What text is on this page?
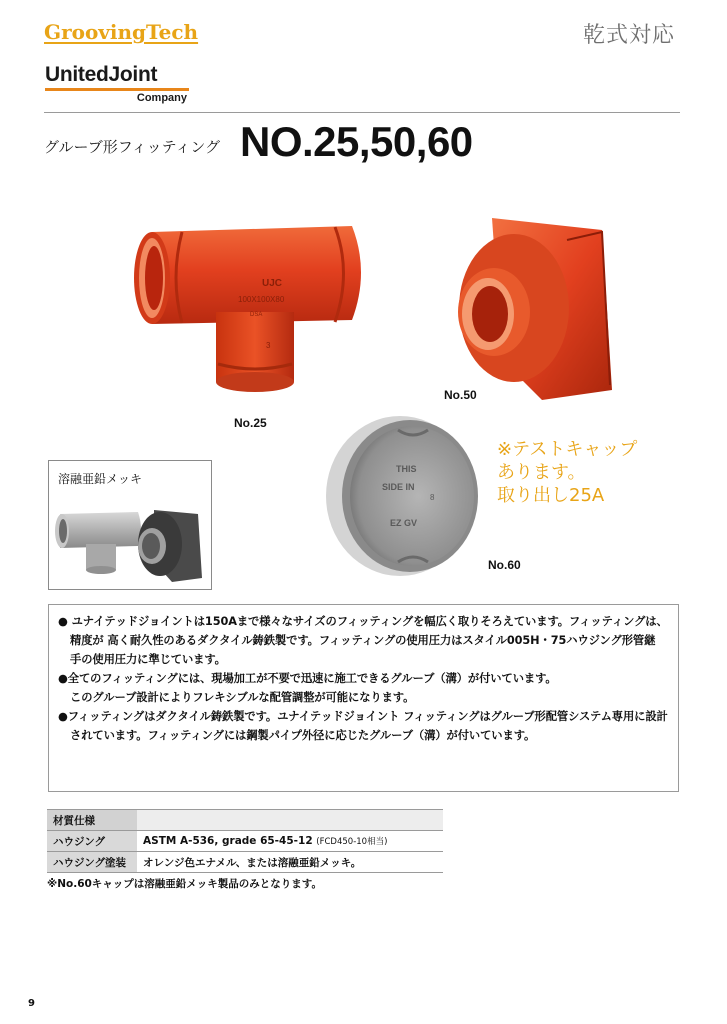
GroovingTech	乾式対応
UnitedJoint
Company
グルーブ形フィッティング NO.25,50,60
UJC
100X100X80
DSA
3
No.25
No.50
THIS
SIDE IN
8
EZ GV
No.60
※テストキャップ
あります。
取り出し25A
溶融亜鉛メッキ
● ユナイテッドジョイントは150Aまで様々なサイズのフィッティングを幅広く取りそろえています。フィッティングは、
精度が 高く耐久性のあるダクタイル鋳鉄製です。フィッティングの使用圧力はスタイル005H・75ハウジング形管継
手の使用圧力に準じています。
●全てのフィッティングには、現場加工が不要で迅速に施工できるグルーブ（溝）が付いています。
このグルーブ設計によりフレキシブルな配管調整が可能になります。
●フィッティングはダクタイル鋳鉄製です。ユナイテッドジョイント フィッティングはグルーブ形配管システム専用に設計
されています。フィッティングには鋼製パイプ外径に応じたグルーブ（溝）が付いています。
材質仕様	
ハウジング	ASTM A-536, grade 65-45-12 (FCD450-10相当)
ハウジング塗装	オレンジ色エナメル、または溶融亜鉛メッキ。
※No.60キャップは溶融亜鉛メッキ製品のみとなります。
9
